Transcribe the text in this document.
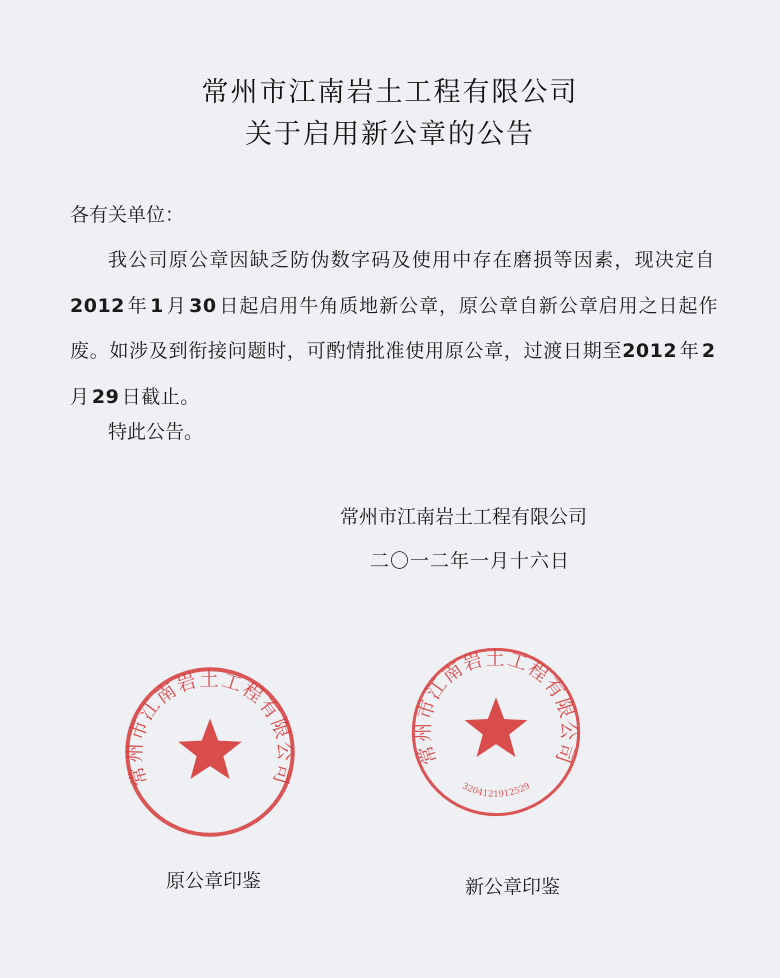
常州市江南岩土工程有限公司
关于启用新公章的公告
各有关单位：
我公司原公章因缺乏防伪数字码及使用中存在磨损等因素，现决定自 2012  年  1  月  30  日起启用牛角质地新公章，原公章自新公章启用之日起作废。如涉及到衔接问题时，可酌情批准使用原公章，过渡日期至2012  年  2 月  29  日截止。
特此公告。
常州市江南岩土工程有限公司
二〇一二年一月十六日
常州市江南岩土工程有限公司
常州市江南岩土工程有限公司
3204121912529
原公章印鉴	新公章印鉴
